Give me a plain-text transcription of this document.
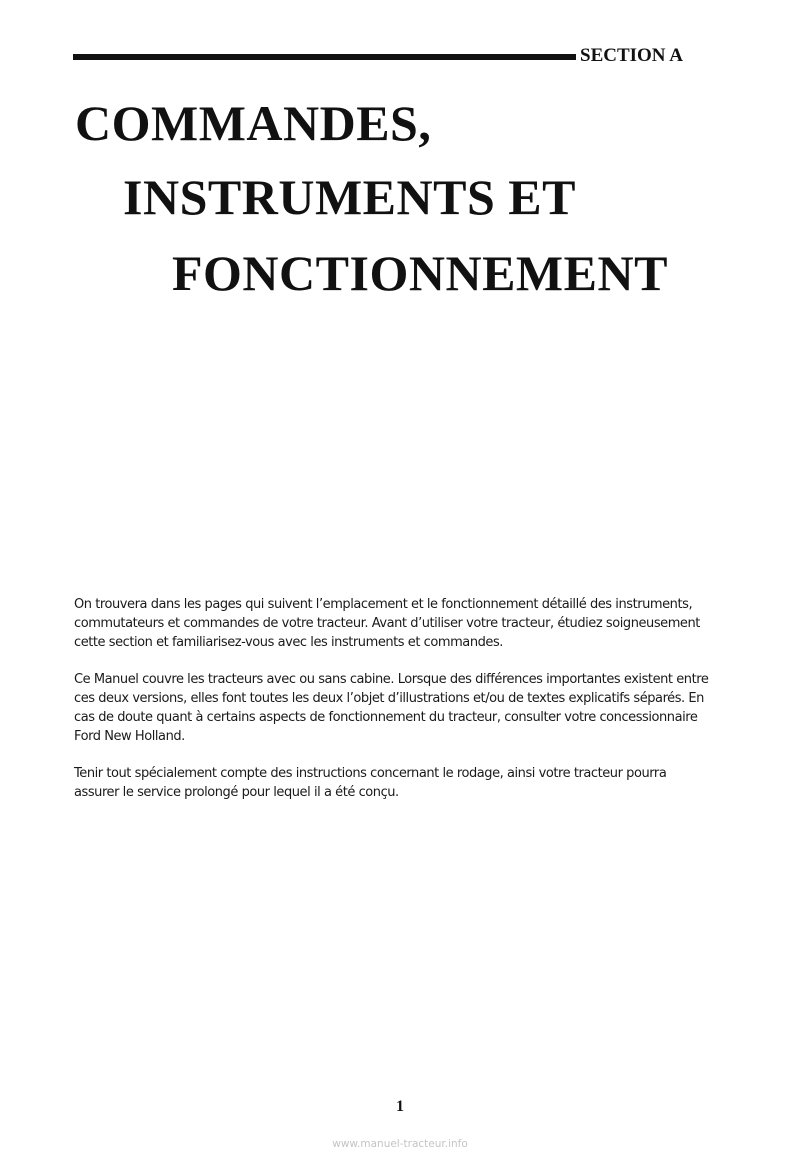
SECTION A
COMMANDES,
INSTRUMENTS ET
FONCTIONNEMENT

On trouvera dans les pages qui suivent l’emplacement et le fonctionnement détaillé des instruments, commutateurs et commandes de votre tracteur. Avant d’utiliser votre tracteur, étudiez soigneusement cette section et familiarisez-vous avec les instruments et commandes.

Ce Manuel couvre les tracteurs avec ou sans cabine. Lorsque des différences importantes existent entre ces deux versions, elles font toutes les deux l’objet d’illustrations et/ou de textes explicatifs séparés. En cas de doute quant à certains aspects de fonctionnement du tracteur, consulter votre concessionnaire Ford New Holland.

Tenir tout spécialement compte des instructions concernant le rodage, ainsi votre tracteur pourra assurer le service prolongé pour lequel il a été conçu.

1
www.manuel-tracteur.info
